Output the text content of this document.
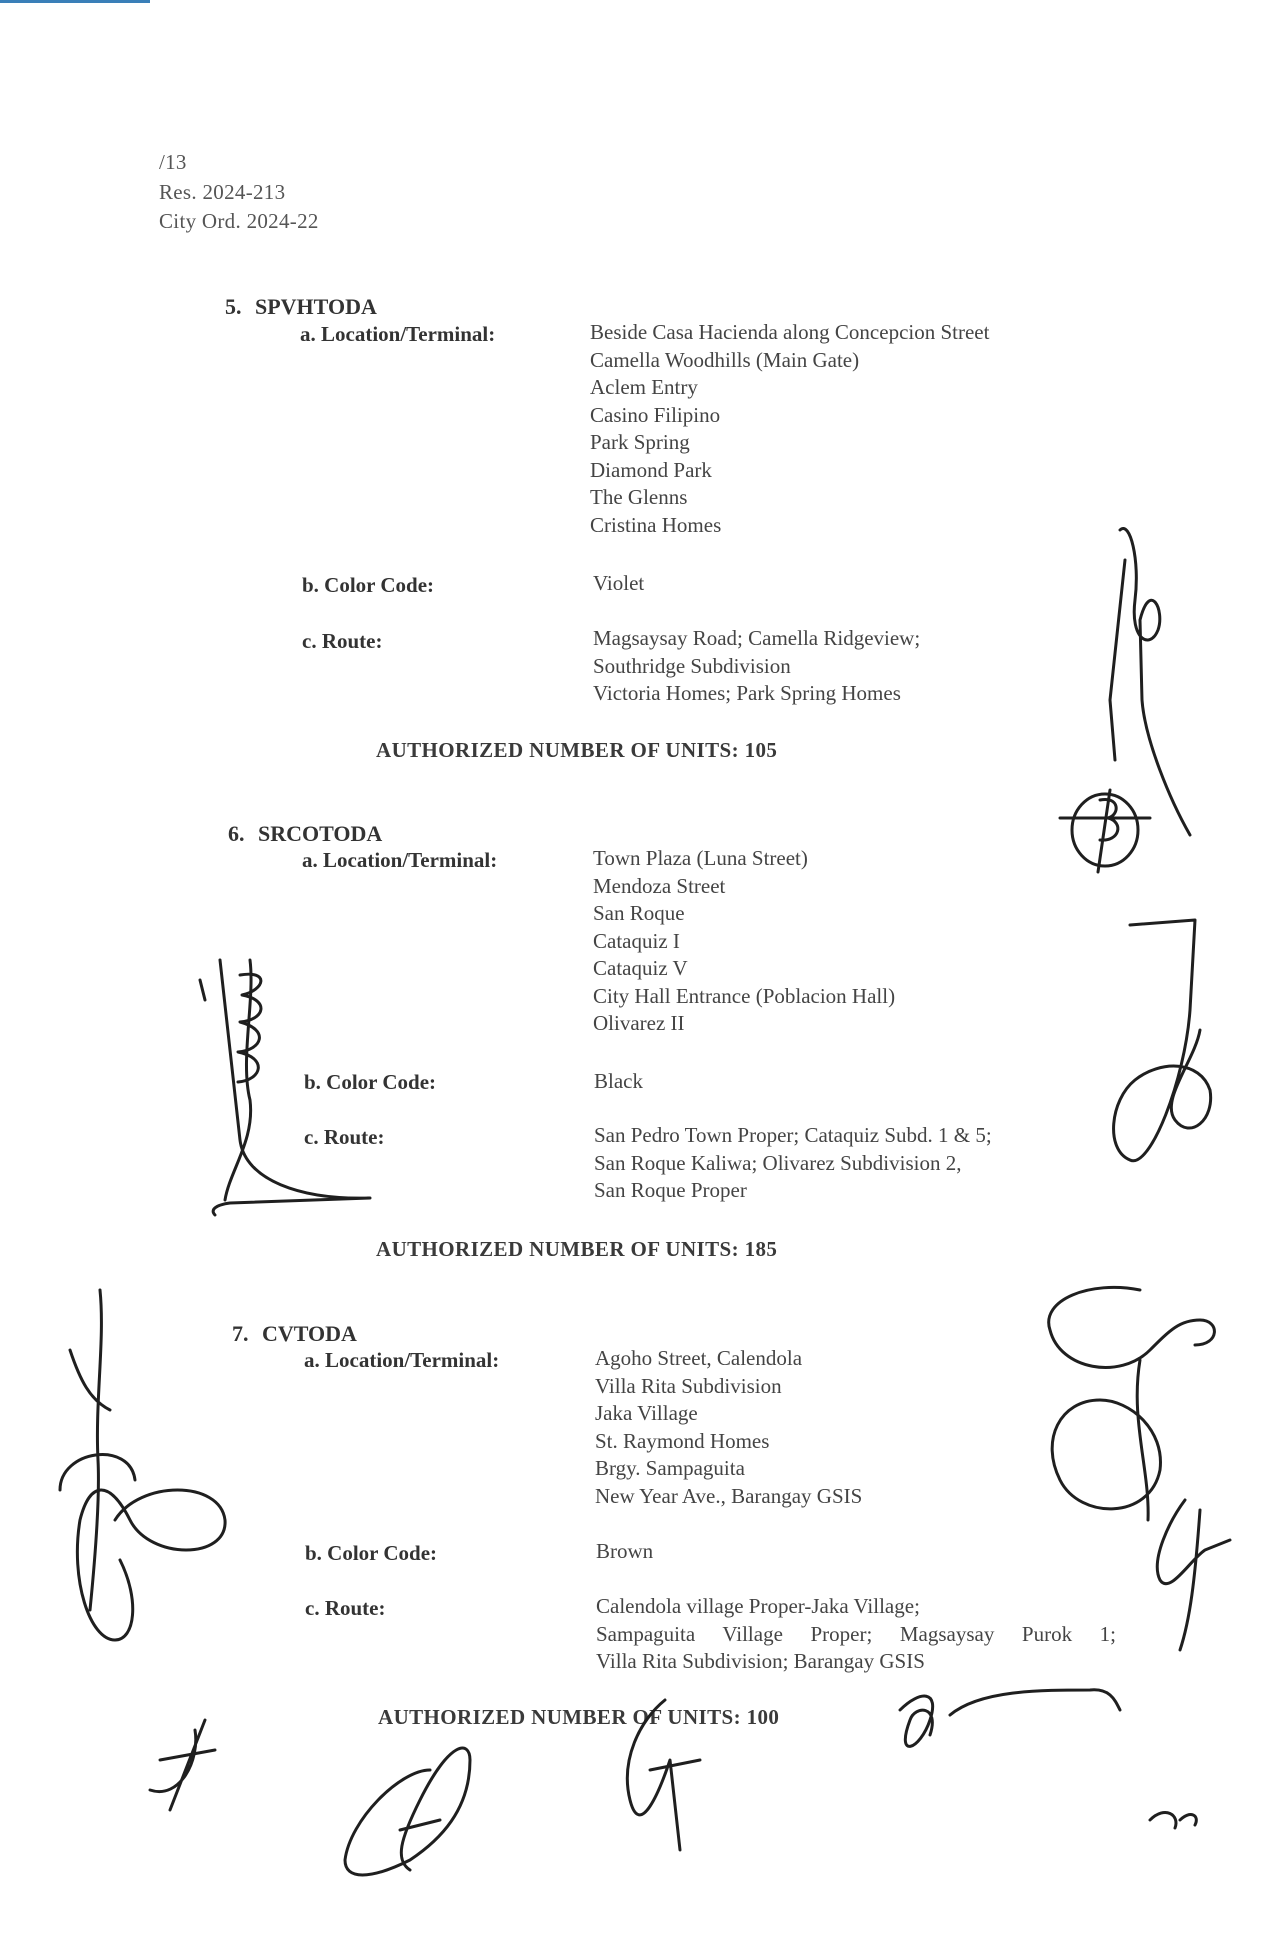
/13
Res. 2024-213
City Ord. 2024-22
5. SPVHTODA
a. Location/Terminal:	Beside Casa Hacienda along Concepcion Street
Camella Woodhills (Main Gate)
Aclem Entry
Casino Filipino
Park Spring
Diamond Park
The Glenns
Cristina Homes
b. Color Code:	Violet
c. Route:	Magsaysay Road; Camella Ridgeview;
Southridge Subdivision
Victoria Homes; Park Spring Homes
AUTHORIZED NUMBER OF UNITS: 105
6. SRCOTODA
a. Location/Terminal:	Town Plaza (Luna Street)
Mendoza Street
San Roque
Cataquiz I
Cataquiz V
City Hall Entrance (Poblacion Hall)
Olivarez II
b. Color Code:	Black
c. Route:	San Pedro Town Proper; Cataquiz Subd. 1 & 5;
San Roque Kaliwa; Olivarez Subdivision 2,
San Roque Proper
AUTHORIZED NUMBER OF UNITS: 185
7. CVTODA
a. Location/Terminal:	Agoho Street, Calendola
Villa Rita Subdivision
Jaka Village
St. Raymond Homes
Brgy. Sampaguita
New Year Ave., Barangay GSIS
b. Color Code:	Brown
c. Route:	Calendola village Proper-Jaka Village;
Sampaguita Village Proper; Magsaysay Purok 1;
Villa Rita Subdivision; Barangay GSIS
AUTHORIZED NUMBER OF UNITS: 100
